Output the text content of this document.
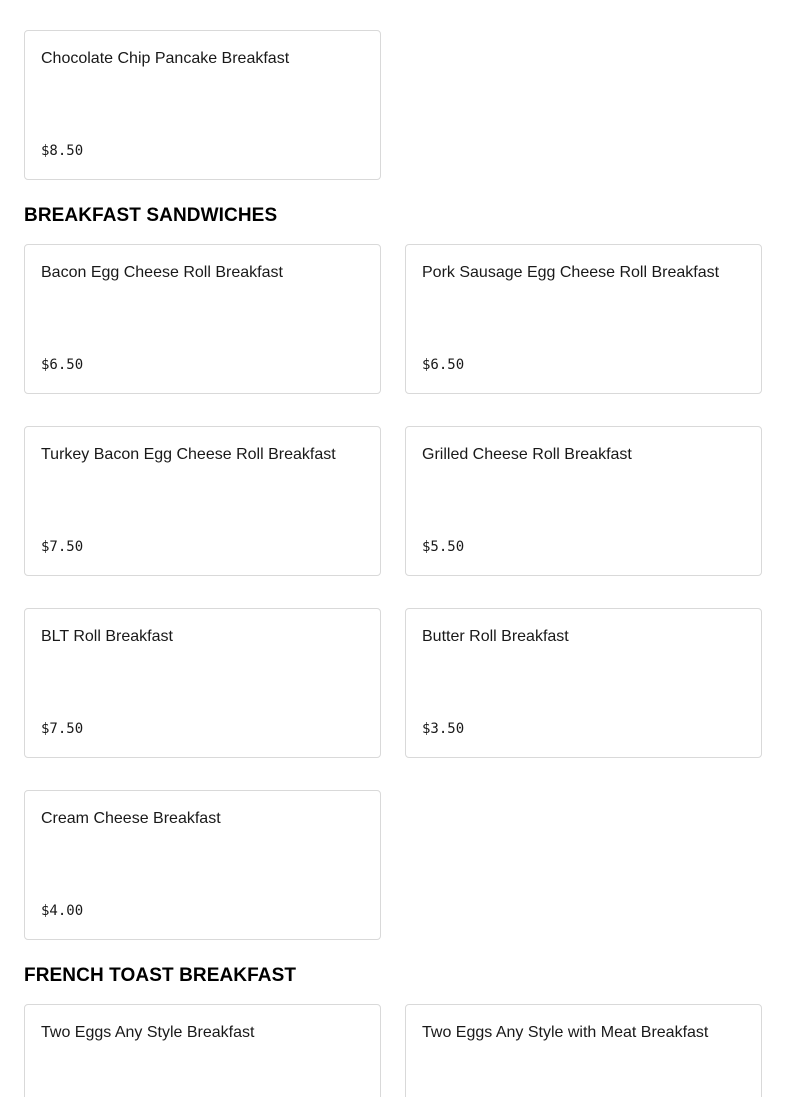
Chocolate Chip Pancake Breakfast
$8.50
BREAKFAST SANDWICHES
Bacon Egg Cheese Roll Breakfast
$6.50
Pork Sausage Egg Cheese Roll Breakfast
$6.50
Turkey Bacon Egg Cheese Roll Breakfast
$7.50
Grilled Cheese Roll Breakfast
$5.50
BLT Roll Breakfast
$7.50
Butter Roll Breakfast
$3.50
Cream Cheese Breakfast
$4.00
FRENCH TOAST BREAKFAST
Two Eggs Any Style Breakfast	Two Eggs Any Style with Meat Breakfast
